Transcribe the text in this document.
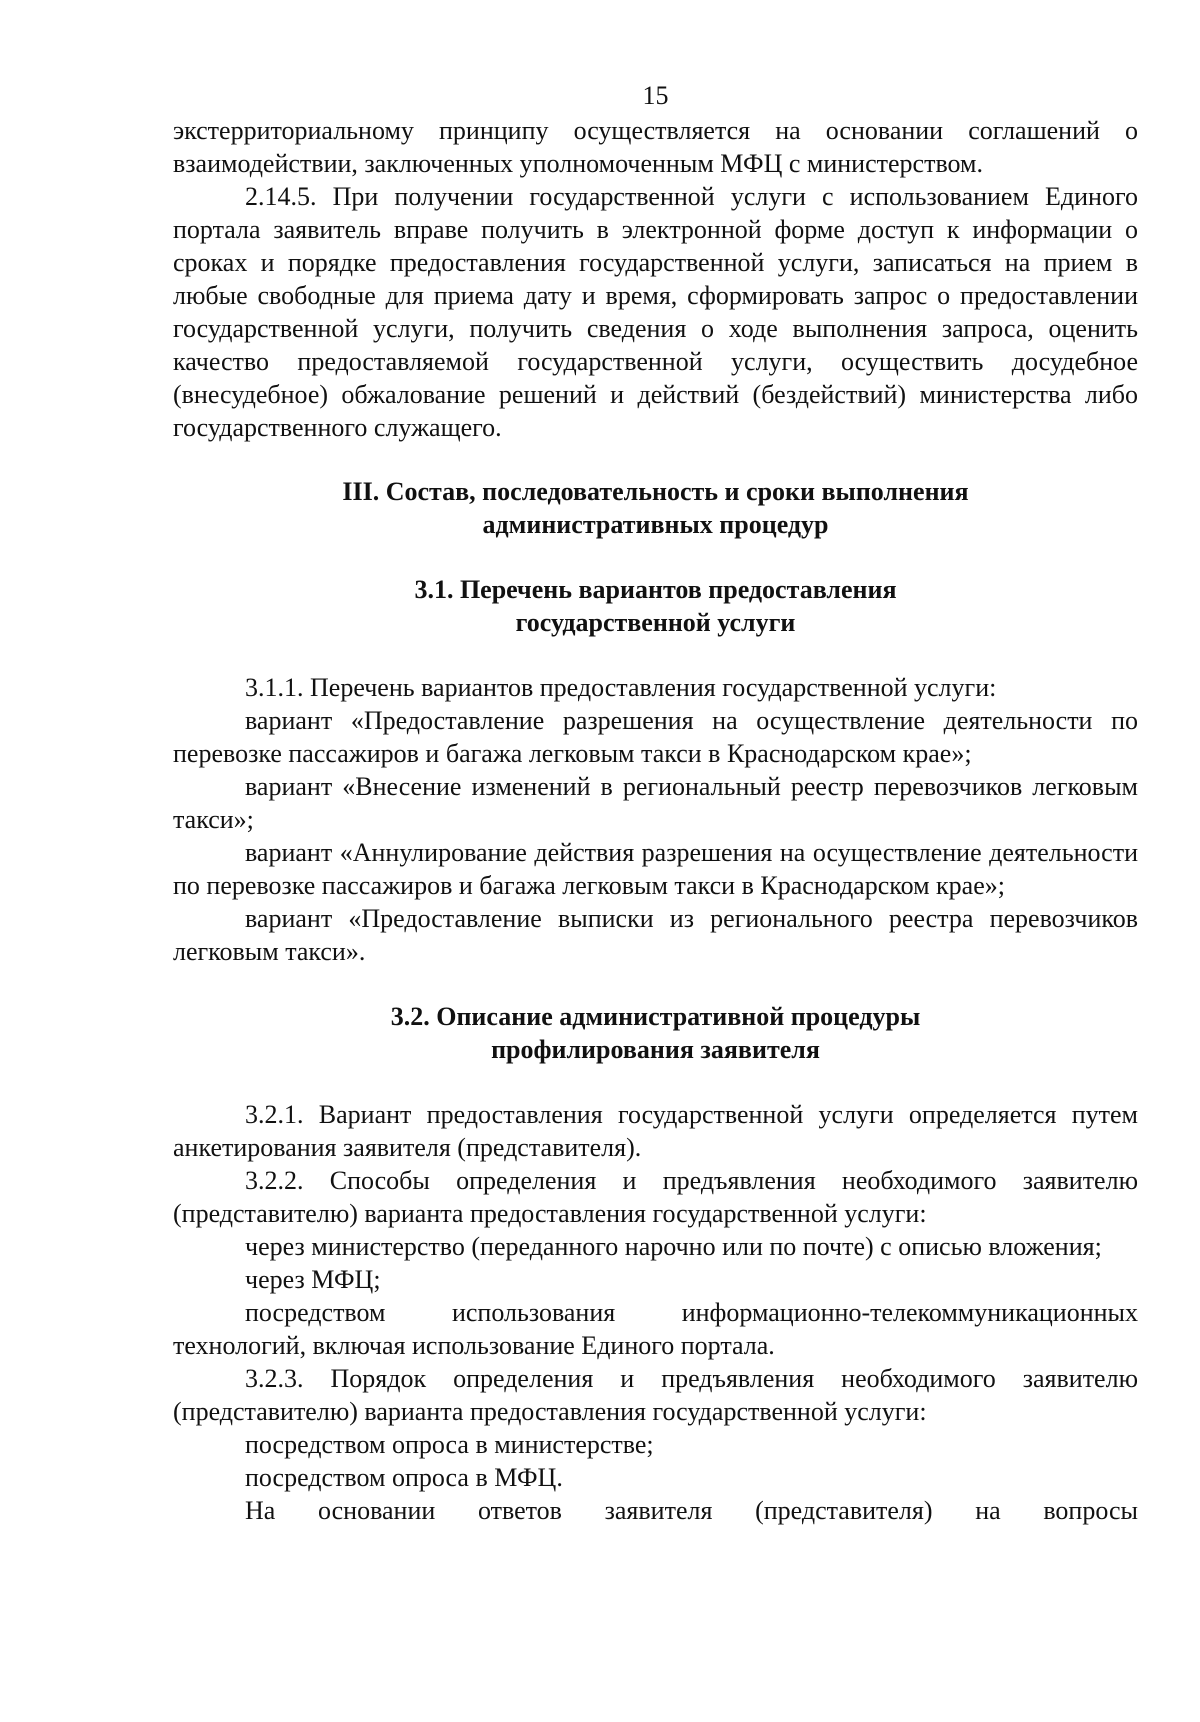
15

экстерриториальному принципу осуществляется на основании соглашений о взаимодействии, заключенных уполномоченным МФЦ с министерством.

2.14.5. При получении государственной услуги с использованием Единого портала заявитель вправе получить в электронной форме доступ к информации о сроках и порядке предоставления государственной услуги, записаться на прием в любые свободные для приема дату и время, сформировать запрос о предоставлении государственной услуги, получить сведения о ходе выполнения запроса, оценить качество предоставляемой государственной услуги, осуществить досудебное (внесудебное) обжалование решений и действий (бездействий) министерства либо государственного служащего.

III. Состав, последовательность и сроки выполнения

административных процедур

3.1. Перечень вариантов предоставления

государственной услуги

3.1.1. Перечень вариантов предоставления государственной услуги:

вариант «Предоставление разрешения на осуществление деятельности по перевозке пассажиров и багажа легковым такси в Краснодарском крае»;

вариант «Внесение изменений в региональный реестр перевозчиков легковым такси»;

вариант «Аннулирование действия разрешения на осуществление деятельности по перевозке пассажиров и багажа легковым такси в Краснодарском крае»;

вариант «Предоставление выписки из регионального реестра перевозчиков легковым такси».

3.2. Описание административной процедуры

профилирования заявителя

3.2.1. Вариант предоставления государственной услуги определяется путем анкетирования заявителя (представителя).

3.2.2. Способы определения и предъявления необходимого заявителю (представителю) варианта предоставления государственной услуги:

через министерство (переданного нарочно или по почте) с описью вложения;

через МФЦ;

посредством использования информационно-телекоммуникационных технологий, включая использование Единого портала.

3.2.3. Порядок определения и предъявления необходимого заявителю (представителю) варианта предоставления государственной услуги:

посредством опроса в министерстве;

посредством опроса в МФЦ.

На основании ответов заявителя (представителя) на вопросы
